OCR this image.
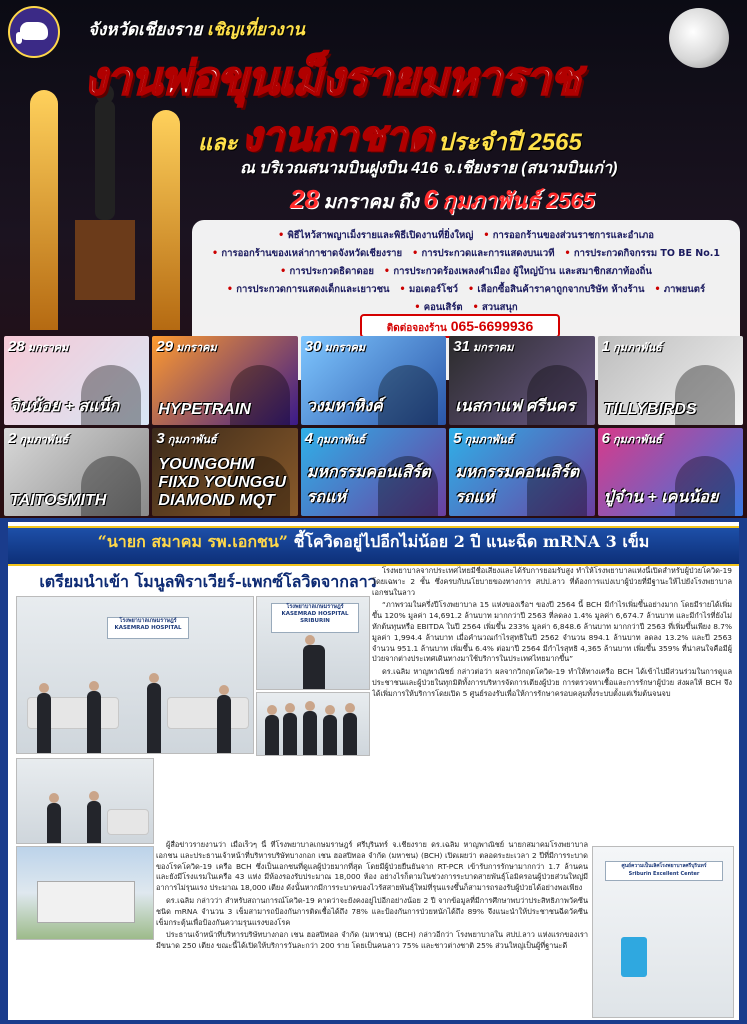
จังหวัดเชียงราย เชิญเที่ยวงาน
งานพ่อขุนเม็งรายมหาราช
และ งานกาชาด ประจำปี 2565
ณ บริเวณสนามบินฝูงบิน 416 จ.เชียงราย (สนามบินเก่า)
28 มกราคม ถึง 6 กุมภาพันธ์ 2565
• พิธีไหว้สาพญาเม็งรายและพิธีเปิดงานที่ยิ่งใหญ่	• การออกร้านของส่วนราชการและอำเภอ
• การออกร้านของเหล่ากาชาดจังหวัดเชียงราย	• การประกวดและการแสดงบนเวที	• การประกวดกิจกรรม TO BE No.1
• การประกวดธิดาดอย	• การประกวดร้องเพลงคำเมือง ผู้ใหญ่บ้าน และสมาชิกสภาท้องถิ่น
• การประกวดการแสดงเด็กและเยาวชน	• มอเตอร์โชว์	• เลือกซื้อสินค้าราคาถูกจากบริษัท ห้างร้าน	• ภาพยนตร์
• คอนเสิร์ต	• สวนสนุก
ติดต่อจองร้าน 065-6699936
28 มกราคม
จินน้อย + สแน็ก
29 มกราคม
HYPETRAIN
30 มกราคม
วงมหาหิงค์
31 มกราคม
เนสกาแฟ ศรีนคร
1 กุมภาพันธ์
TILLYBIRDS
2 กุมภาพันธ์
TAITOSMITH
3 กุมภาพันธ์
YOUNGOHM FIIXD YOUNGGU DIAMOND MQT
4 กุมภาพันธ์
มหกรรมคอนเสิร์ต รถแห่
5 กุมภาพันธ์
มหกรรมคอนเสิร์ต รถแห่
6 กุมภาพันธ์
ปู่จ๋าน + เคนน้อย
“นายก สมาคม รพ.เอกชน” ชี้โควิดอยู่ไปอีกไม่น้อย 2 ปี แนะฉีด mRNA 3 เข็ม
เตรียมนำเข้า โมนูลพิราเวียร์-แพกซ์โลวิดจากลาว
โรงพยาบาลเกษมราษฎร์
KASEMRAD HOSPITAL
โรงพยาบาลเกษมราษฎร์
KASEMRAD HOSPITAL
SRIBURIN

โรงพยาบาลจากประเทศไทยมีชื่อเสียงและได้รับการยอมรับสูง ทำให้โรงพยาบาลแห่งนี้เปิดสำหรับผู้ป่วยโควิด-19 โดยเฉพาะ 2 ชั้น ซึ่งครบกับนโยบายของทางการ สปป.ลาว ที่ต้องการแบ่งเบาผู้ป่วยที่มีฐานะให้ไปยังโรงพยาบาลเอกชนในลาว

“ภาพรวมในครึ่งปีโรงพยาบาล 15 แห่งของเรือฯ ของปี 2564 นี้ BCH มีกำไรเพิ่มขึ้นอย่างมาก โดยมีรายได้เพิ่มขึ้น 120% มูลค่า 14,691.2 ล้านบาท มากกว่าปี 2563 ที่ลดลง 1.4% มูลค่า 6,674.7 ล้านบาท และมีกำไรที่ยังไม่หักต้นทุนหรือ EBITDA ในปี 2564 เพิ่มขึ้น 233% มูลค่า 6,848.6 ล้านบาท มากกว่าปี 2563 ที่เพิ่มขึ้นเพียง 8.7% มูลค่า 1,994.4 ล้านบาท เมื่อคำนวณกำไรสุทธิในปี 2562 จำนวน 894.1 ล้านบาท ลดลง 13.2% และปี 2563 จำนวน 951.1 ล้านบาท เพิ่มขึ้น 6.4% ต่อมาปี 2564 มีกำไรสุทธิ 4,365 ล้านบาท เพิ่มขึ้น 359% ที่น่าสนใจคือมีผู้ป่วยจากต่างประเทศเดินทางมาใช้บริการในประเทศไทยมากขึ้น”

ดร.เฉลิม หาญพาณิชย์ กล่าวต่อว่า ผลจากวิกฤตโควิด-19 ทำให้ทางเครือ BCH ได้เข้าไปมีส่วนร่วมในการดูแลประชาชนและผู้ป่วยในทุกมิติทั้งการบริหารจัดการเตียงผู้ป่วย การตรวจหาเชื้อและการรักษาผู้ป่วย ส่งผลให้ BCH จึงได้เพิ่มการให้บริการโดยเปิด 5 ศูนย์รองรับเพื่อให้การรักษาครอบคลุมทั้งระบบตั้งแต่เริ่มต้นจนจบ

ศูนย์ความเป็นเลิศโรงพยาบาลศรีบุรินทร์
Sriburin Excellent Center

ผู้สื่อข่าวรายงานว่า เมื่อเร็วๆ นี้ ที่โรงพยาบาลเกษมราษฎร์ ศรีบุรินทร์ จ.เชียงราย ดร.เฉลิม หาญพาณิชย์ นายกสมาคมโรงพยาบาลเอกชน และประธานเจ้าหน้าที่บริหารบริษัทบางกอก เชน ฮอสปิทอล จำกัด (มหาชน) (BCH) เปิดเผยว่า ตลอดระยะเวลา 2 ปีที่มีการระบาดของโรคโควิด-19 เครือ BCH ซึ่งเป็นเอกชนที่ดูแลผู้ป่วยมากที่สุด โดยมีผู้ป่วยยืนยันจาก RT-PCR เข้ารับการรักษามากกว่า 1.7 ล้านคน และยังมีโรงแรมในเครือ 43 แห่ง มีห้องรองรับประมาณ 18,000 ห้อง อย่างไรก็ตามในช่วงการระบาดสายพันธุ์โอมิครอนผู้ป่วยส่วนใหญ่มีอาการไม่รุนแรง ประมาณ 18,000 เตียง ดังนั้นหากมีการระบาดของไวรัสสายพันธุ์ใหม่ที่รุนแรงขึ้นก็สามารถรองรับผู้ป่วยได้อย่างพอเพียง

ดร.เฉลิม กล่าวว่า สำหรับสถานการณ์โควิด-19 คาดว่าจะยังคงอยู่ไปอีกอย่างน้อย 2 ปี จากข้อมูลที่มีการศึกษาพบว่าประสิทธิภาพวัคซีนชนิด mRNA จำนวน 3 เข็มสามารถป้องกันการติดเชื้อได้ถึง 78% และป้องกันการป่วยหนักได้ถึง 89% จึงแนะนำให้ประชาชนฉีดวัคซีนเข็มกระตุ้นเพื่อป้องกันความรุนแรงของโรค

ประธานเจ้าหน้าที่บริหารบริษัทบางกอก เชน ฮอสปิทอล จำกัด (มหาชน) (BCH) กล่าวอีกว่า โรงพยาบาลใน สปป.ลาว แห่งแรกของเรา มีขนาด 250 เตียง ขณะนี้ได้เปิดให้บริการวันละกว่า 200 ราย โดยเป็นคนลาว 75% และชาวต่างชาติ 25% ส่วนใหญ่เป็นผู้ที่ฐานะดี
